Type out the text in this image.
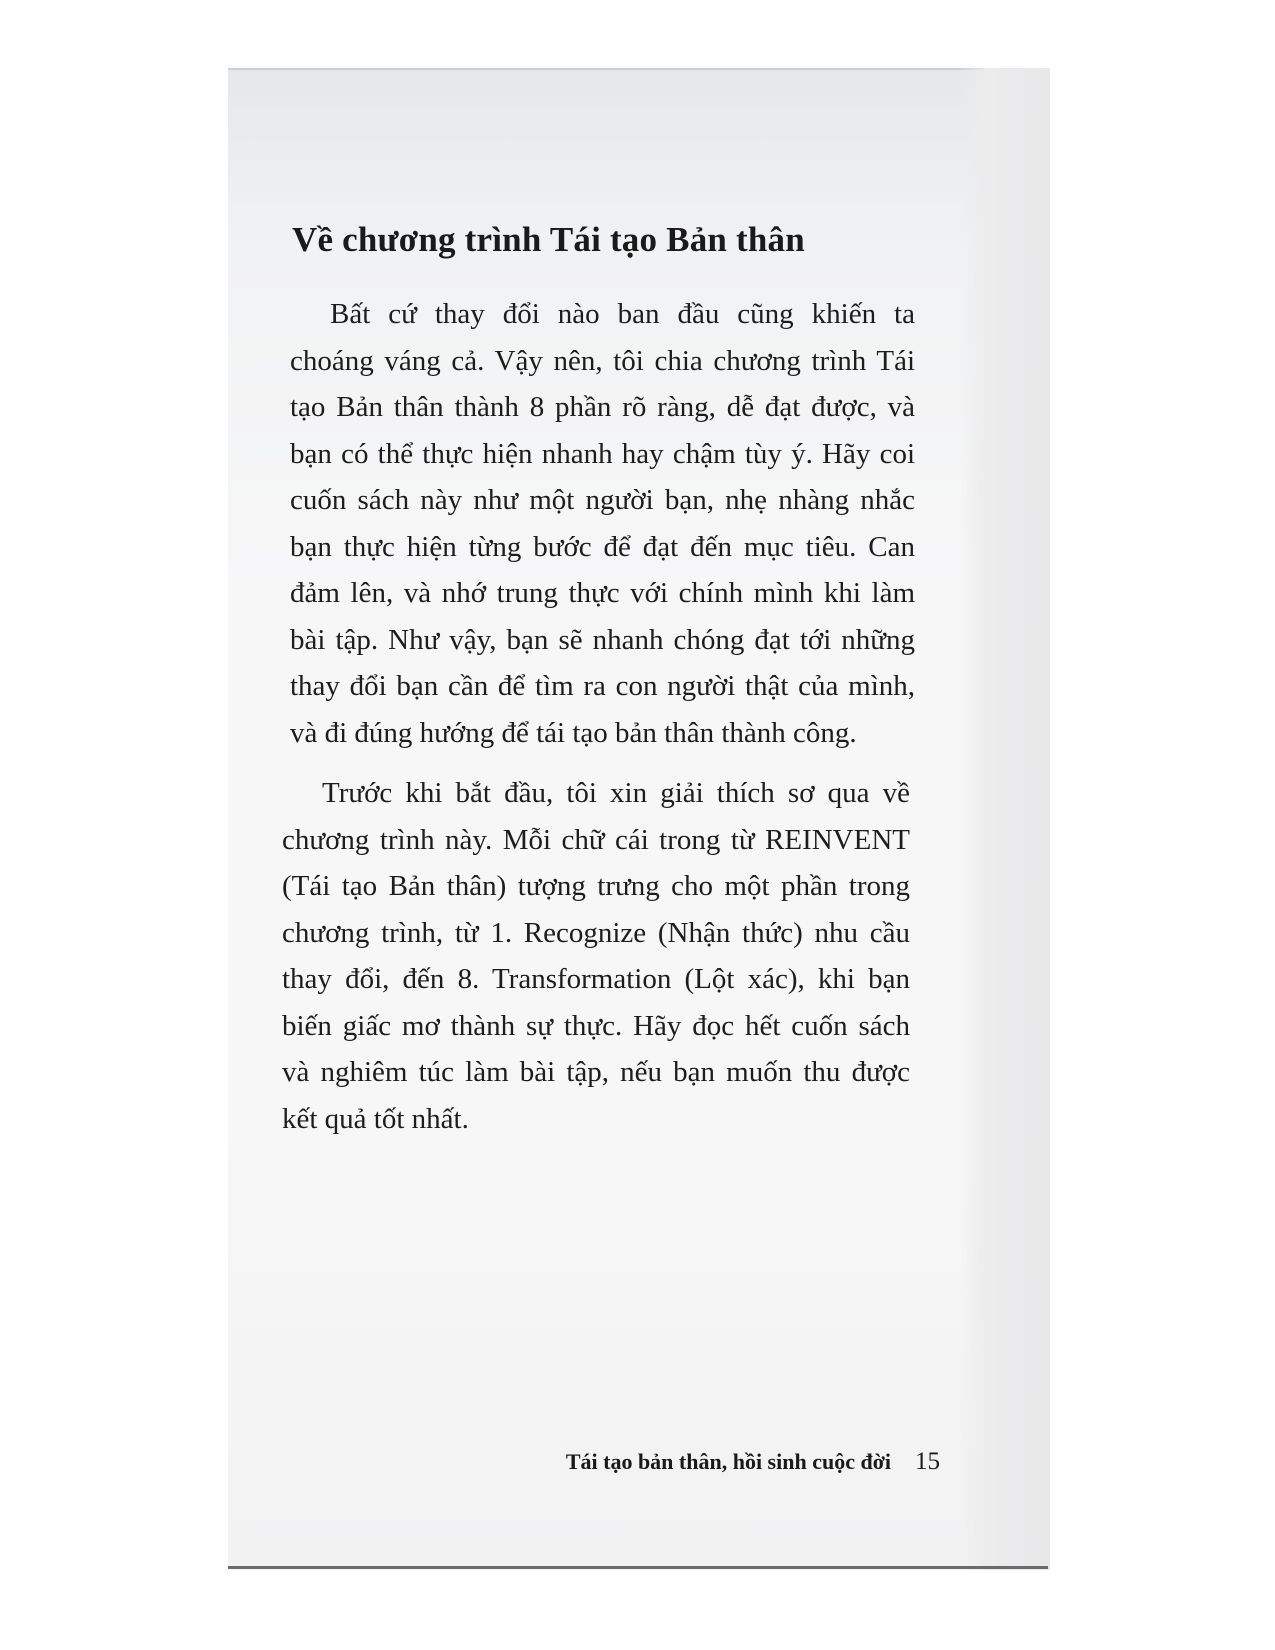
Về chương trình Tái tạo Bản thân
Bất cứ thay đổi nào ban đầu cũng khiến ta
choáng váng cả. Vậy nên, tôi chia chương trình Tái
tạo Bản thân thành 8 phần rõ ràng, dễ đạt được, và
bạn có thể thực hiện nhanh hay chậm tùy ý. Hãy coi
cuốn sách này như một người bạn, nhẹ nhàng nhắc
bạn thực hiện từng bước để đạt đến mục tiêu. Can
đảm lên, và nhớ trung thực với chính mình khi làm
bài tập. Như vậy, bạn sẽ nhanh chóng đạt tới những
thay đổi bạn cần để tìm ra con người thật của mình,
và đi đúng hướng để tái tạo bản thân thành công.
Trước khi bắt đầu, tôi xin giải thích sơ qua về
chương trình này. Mỗi chữ cái trong từ REINVENT
(Tái tạo Bản thân) tượng trưng cho một phần trong
chương trình, từ 1. Recognize (Nhận thức) nhu cầu
thay đổi, đến 8. Transformation (Lột xác), khi bạn
biến giấc mơ thành sự thực. Hãy đọc hết cuốn sách
và nghiêm túc làm bài tập, nếu bạn muốn thu được
kết quả tốt nhất.
Tái tạo bản thân, hồi sinh cuộc đời 15
